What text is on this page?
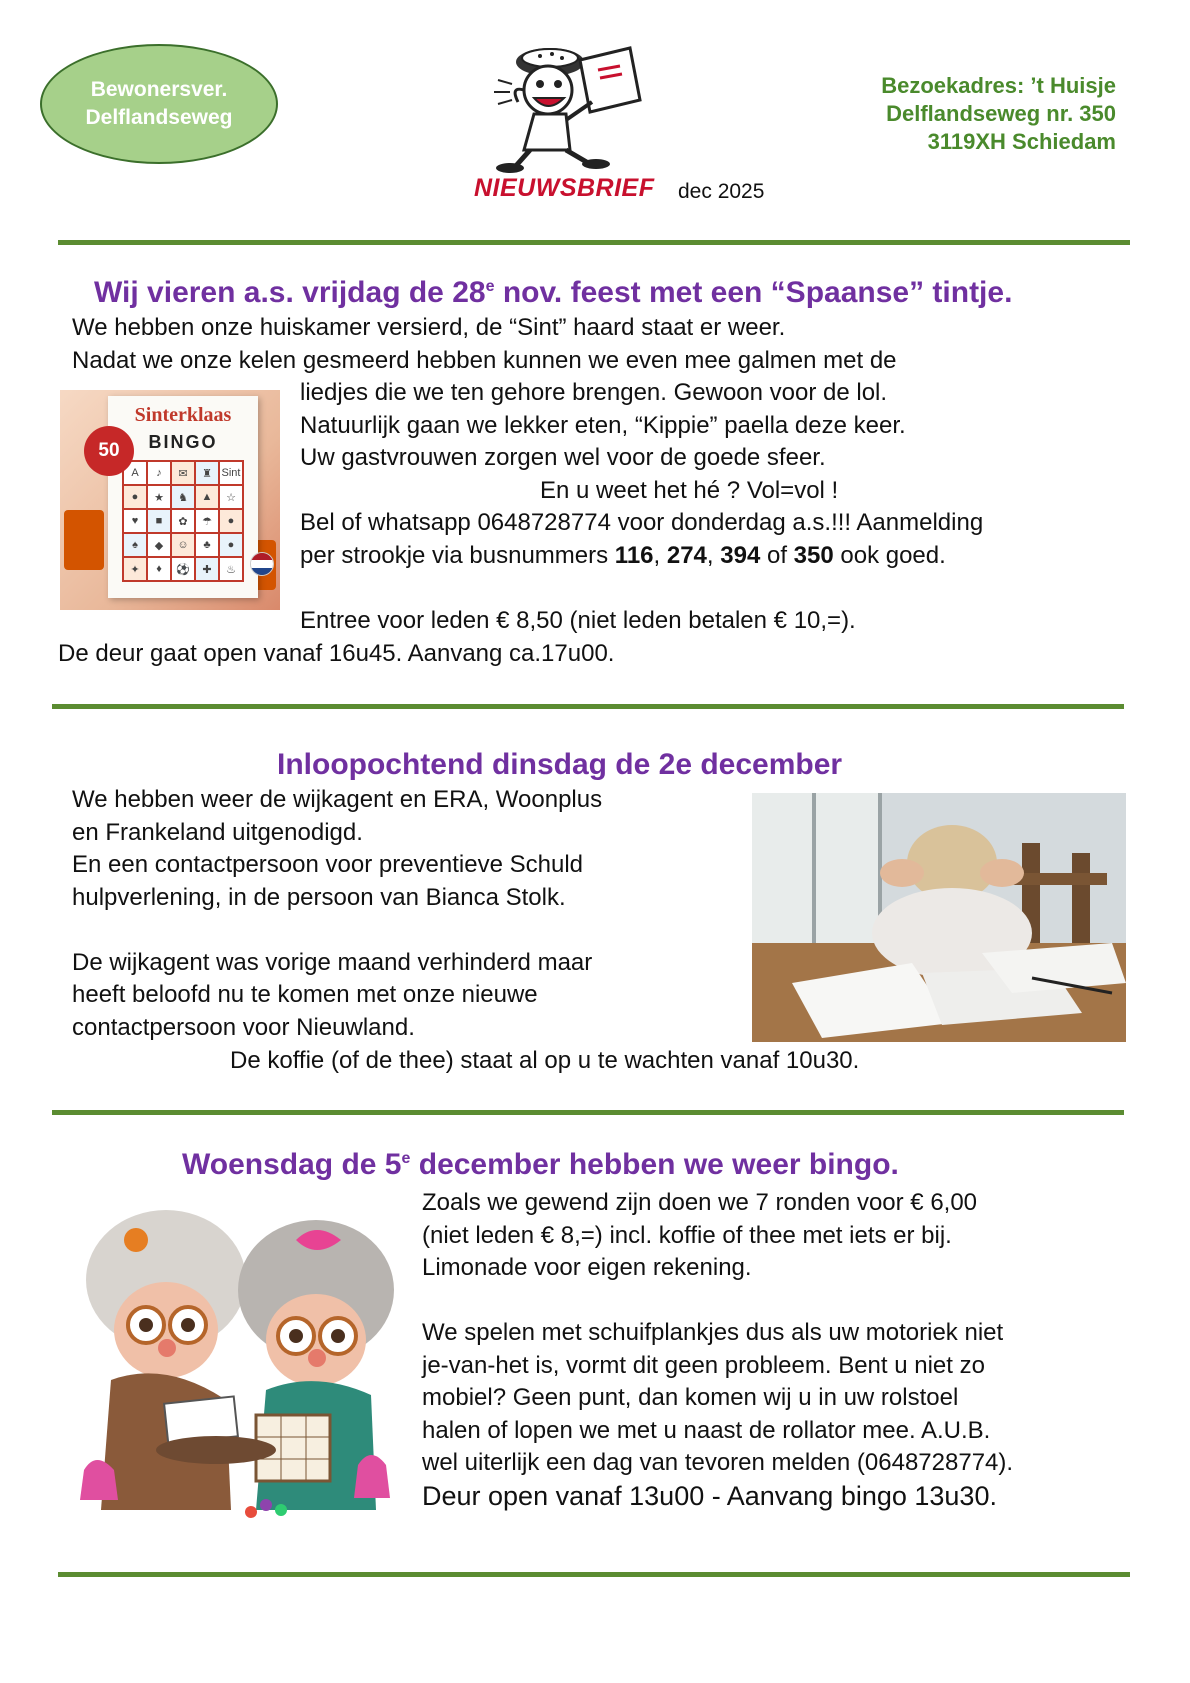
Bewonersver.
Delflandseweg
NIEUWSBRIEF dec 2025
Bezoekadres: ’t Huisje
Delflandseweg nr. 350
3119XH Schiedam
Wij vieren a.s. vrijdag de 28e nov. feest met een “Spaanse” tintje.
We hebben onze huiskamer versierd, de “Sint” haard staat er weer.
Nadat we onze kelen gesmeerd hebben kunnen we even mee galmen met de
liedjes die we ten gehore brengen. Gewoon voor de lol.
Natuurlijk gaan we lekker eten, “Kippie” paella deze keer.
Uw gastvrouwen zorgen wel voor de goede sfeer.
En u weet het hé ? Vol=vol !
Bel of whatsapp 0648728774 voor donderdag a.s.!!! Aanmelding
per strookje via busnummers 116, 274, 394 of 350 ook goed.
Entree voor leden € 8,50 (niet leden betalen € 10,=).
De deur gaat open vanaf 16u45. Aanvang ca.17u00.
Sinterklaas
BINGO
A	♪	✉	♜ Sint
●	★	♞	▲	☆
♥	■	✿	☂	●
♠	◆	☺	♣	●
✦	♦	⚽	✚	♨
50
Inloopochtend dinsdag de 2e december
We hebben weer de wijkagent en ERA, Woonplus
en Frankeland uitgenodigd.
En een contactpersoon voor preventieve Schuld
hulpverlening, in de persoon van Bianca Stolk.
De wijkagent was vorige maand verhinderd maar
heeft beloofd nu te komen met onze nieuwe
contactpersoon voor Nieuwland.
De koffie (of de thee) staat al op u te wachten vanaf 10u30.
Woensdag de 5e december hebben we weer bingo.
Zoals we gewend zijn doen we 7 ronden voor € 6,00
(niet leden € 8,=) incl. koffie of thee met iets er bij.
Limonade voor eigen rekening.
We spelen met schuifplankjes dus als uw motoriek niet
je-van-het is, vormt dit geen probleem. Bent u niet zo
mobiel? Geen punt, dan komen wij u in uw rolstoel
halen of lopen we met u naast de rollator mee. A.U.B.
wel uiterlijk een dag van tevoren melden (0648728774).
Deur open vanaf 13u00 - Aanvang bingo 13u30.
